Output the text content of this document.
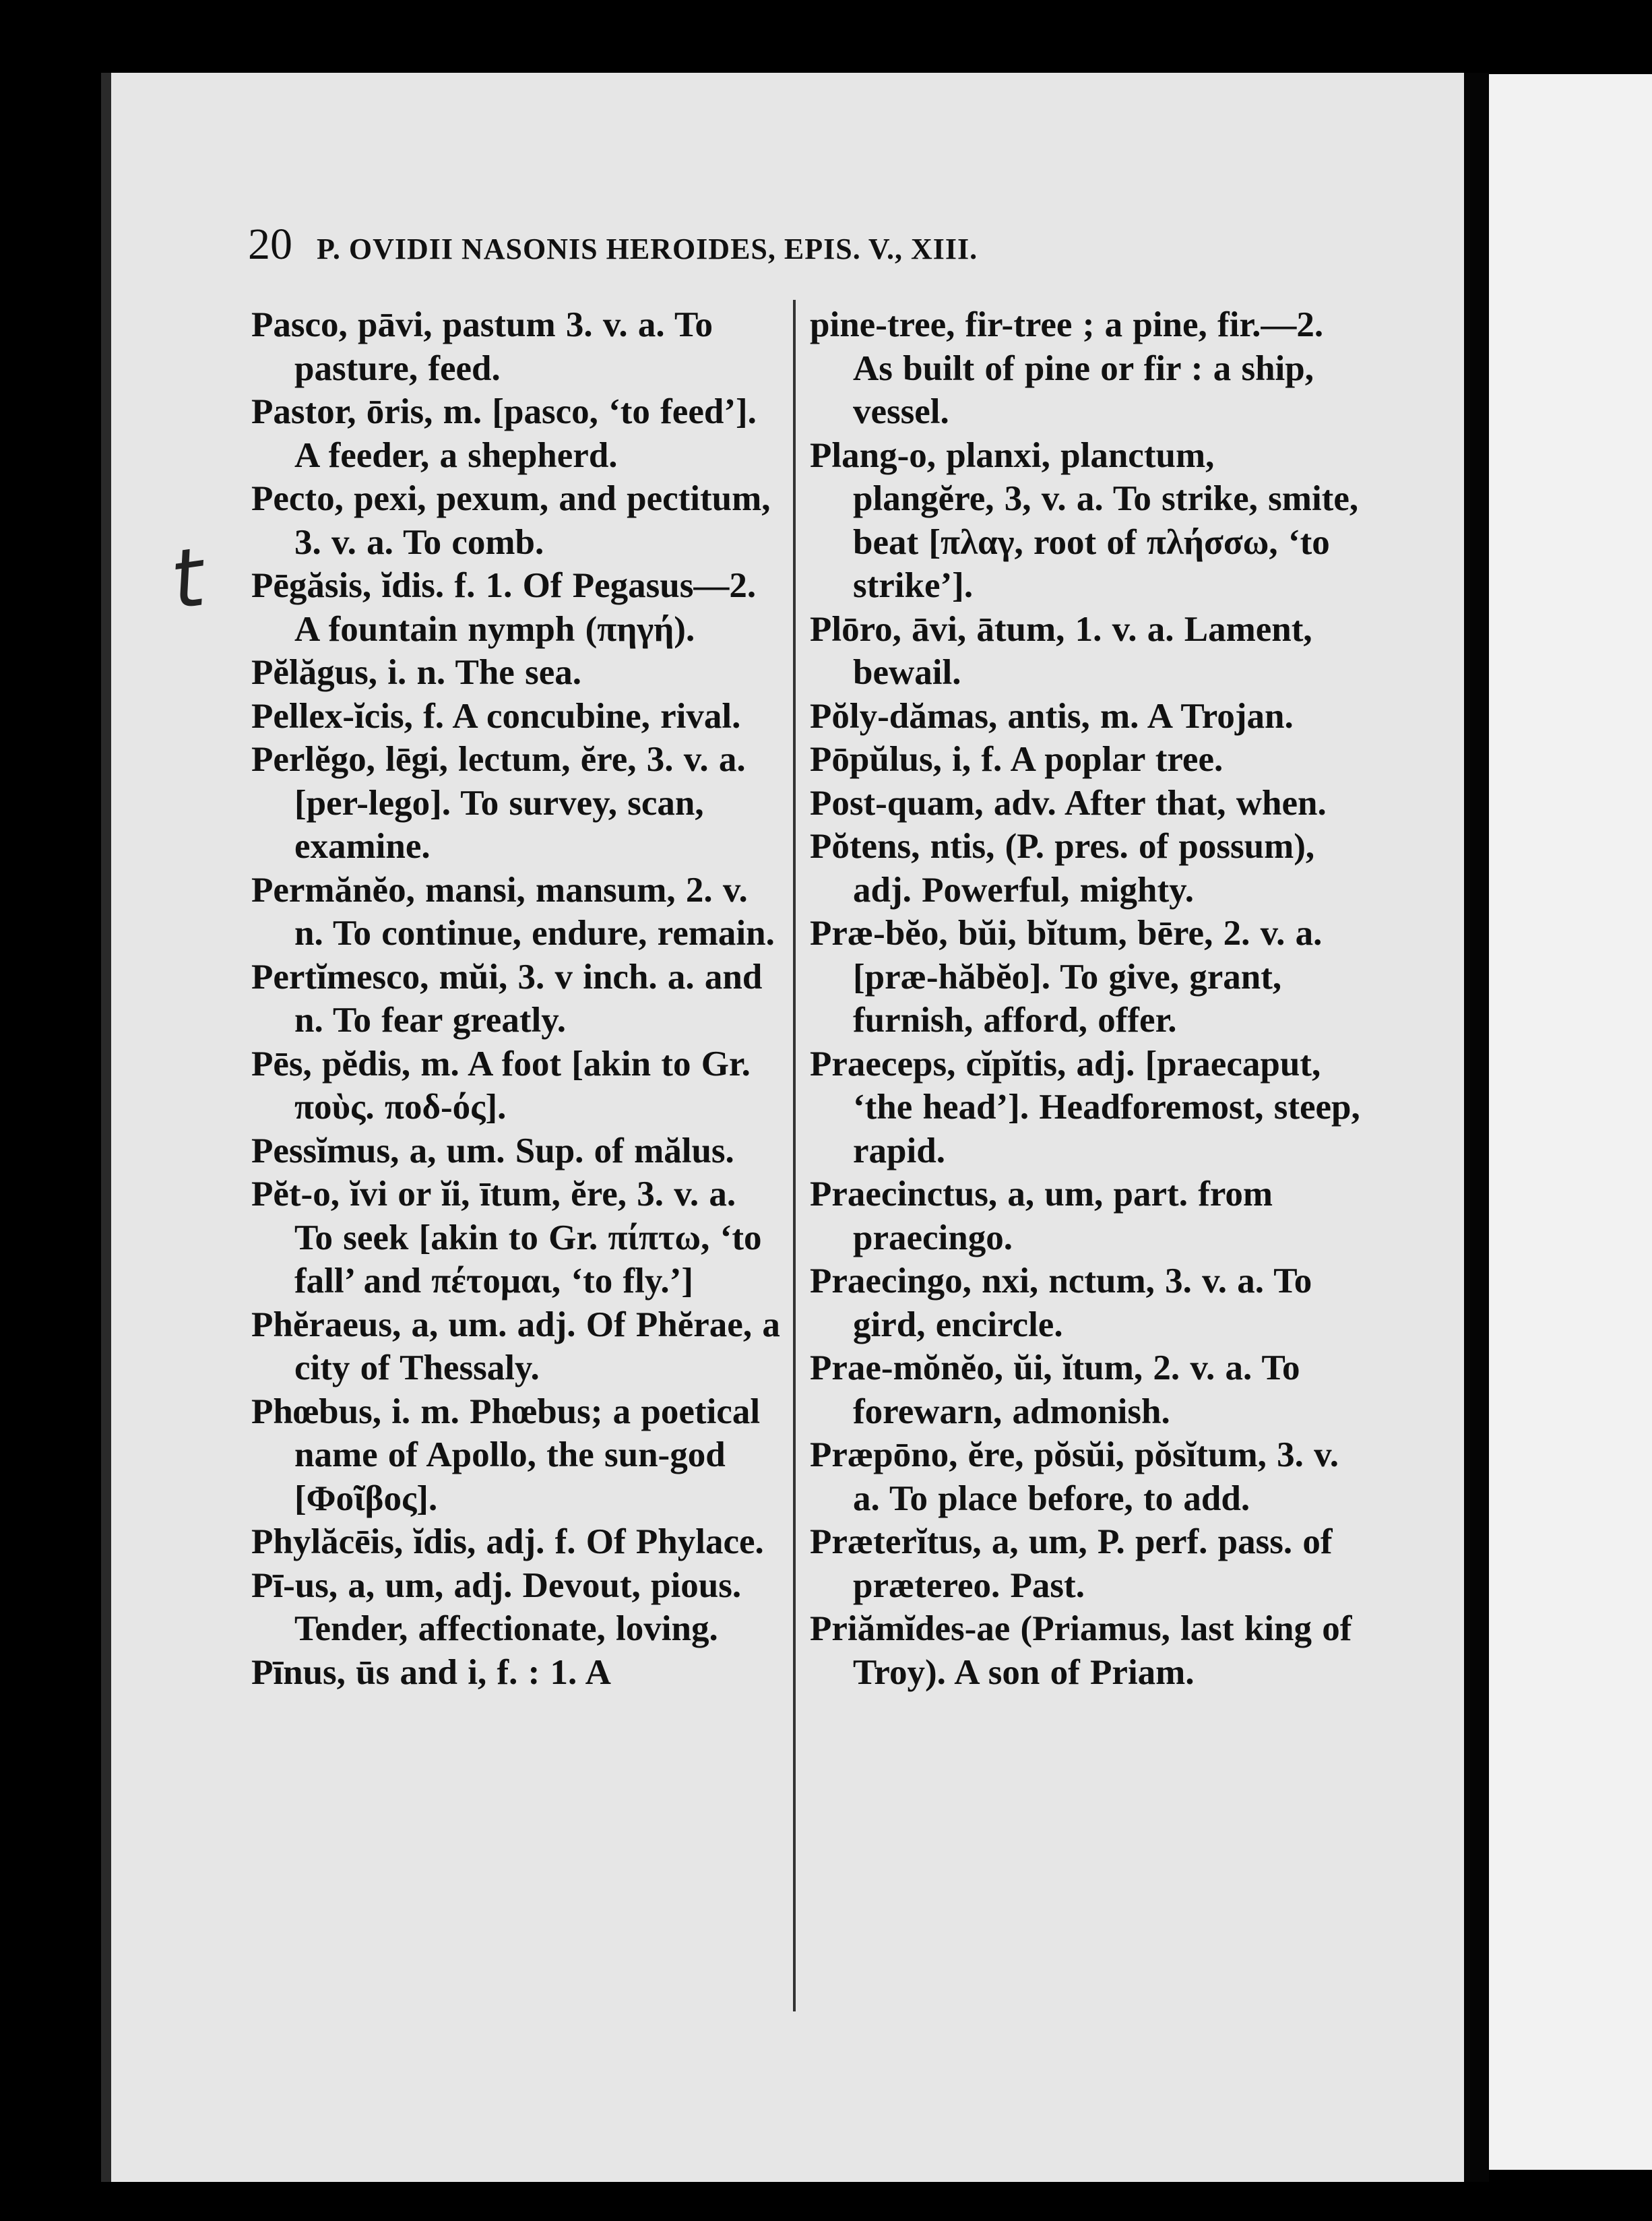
20 P. OVIDII NASONIS HEROIDES, EPIS. V., XIII.
t

Pasco, pāvi, pastum 3. v. a. To pasture, feed.

Pastor, ōris, m. [pasco, ‘to feed’]. A feeder, a shepherd.

Pecto, pexi, pexum, and pectitum, 3. v. a. To comb.

Pēgăsis, ĭdis. f. 1. Of Pegasus—2. A fountain nymph (πηγή).

Pĕlăgus, i. n. The sea.

Pellex-ĭcis, f. A concubine, rival.

Perlĕgo, lēgi, lectum, ĕre, 3. v. a. [per-lego]. To survey, scan, examine.

Permănĕo, mansi, mansum, 2. v. n. To continue, endure, remain.

Pertĭmesco, mŭi, 3. v inch. a. and n. To fear greatly.

Pēs, pĕdis, m. A foot [akin to Gr. ποὺς. ποδ-ός].

Pessĭmus, a, um. Sup. of mălus.

Pĕt-o, ĭvi or ĭi, ītum, ĕre, 3. v. a. To seek [akin to Gr. πίπτω, ‘to fall’ and πέτομαι, ‘to fly.’]

Phĕraeus, a, um. adj. Of Phĕrae, a city of Thessaly.

Phœbus, i. m. Phœbus; a poetical name of Apollo, the sun-god [Φοῖβος].

Phylăcēis, ĭdis, adj. f. Of Phylace.

Pī-us, a, um, adj. Devout, pious. Tender, affectionate, loving.

Pīnus, ūs and i, f. : 1. A

pine-tree, fir-tree ; a pine, fir.—2. As built of pine or fir : a ship, vessel.

Plang-o, planxi, planctum, plangĕre, 3, v. a. To strike, smite, beat [πλαγ, root of πλήσσω, ‘to strike’].

Plōro, āvi, ātum, 1. v. a. Lament, bewail.

Pŏly-dămas, antis, m. A Trojan.

Pōpŭlus, i, f. A poplar tree.

Post-quam, adv. After that, when.

Pŏtens, ntis, (P. pres. of possum), adj. Powerful, mighty.

Præ-bĕo, bŭi, bĭtum, bēre, 2. v. a. [præ-hăbĕo]. To give, grant, furnish, afford, offer.

Praeceps, cĭpĭtis, adj. [praecaput, ‘the head’]. Headforemost, steep, rapid.

Praecinctus, a, um, part. from praecingo.

Praecingo, nxi, nctum, 3. v. a. To gird, encircle.

Prae-mŏnĕo, ŭi, ĭtum, 2. v. a. To forewarn, admonish.

Præpōno, ĕre, pŏsŭi, pŏsĭtum, 3. v. a. To place before, to add.

Præterĭtus, a, um, P. perf. pass. of prætereo. Past.

Priămĭdes-ae (Priamus, last king of Troy). A son of Priam.
